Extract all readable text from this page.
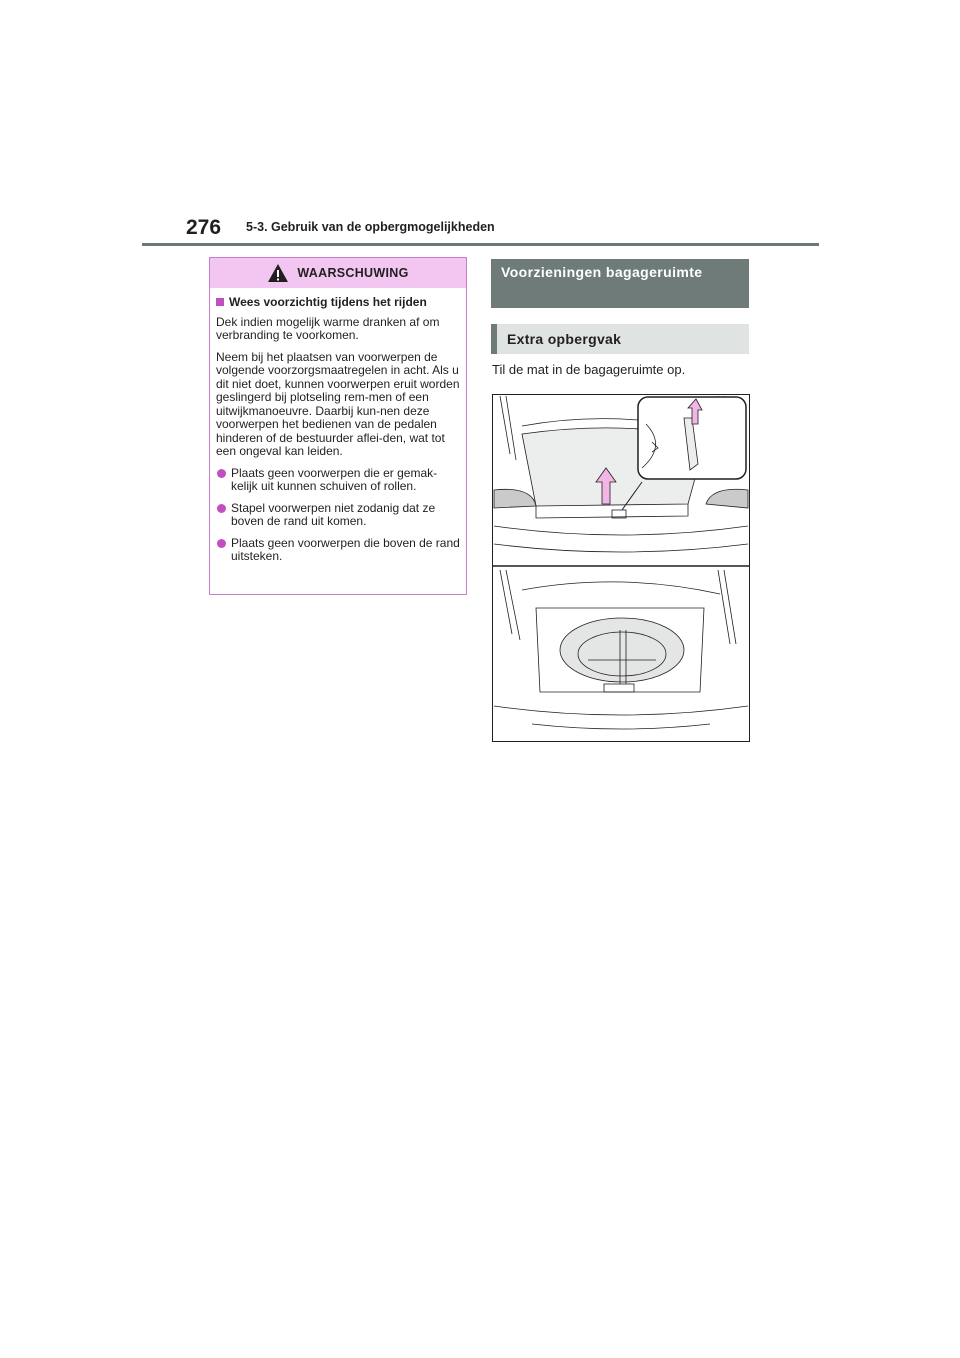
276 5-3. Gebruik van de opbergmogelijkheden
WAARSCHUWING
Wees voorzichtig tijdens het rijden

Dek indien mogelijk warme dranken af om verbranding te voorkomen.

Neem bij het plaatsen van voorwerpen de volgende voorzorgsmaatregelen in acht. Als u dit niet doet, kunnen voorwerpen eruit worden geslingerd bij plotseling rem-men of een uitwijkmanoeuvre. Daarbij kun-nen deze voorwerpen het bedienen van de pedalen hinderen of de bestuurder aflei-den, wat tot een ongeval kan leiden.

Plaats geen voorwerpen die er gemak-kelijk uit kunnen schuiven of rollen.
Stapel voorwerpen niet zodanig dat ze boven de rand uit komen.
Plaats geen voorwerpen die boven de rand uitsteken.
Voorzieningen bagageruimte
Extra opbergvak
Til de mat in de bagageruimte op.
